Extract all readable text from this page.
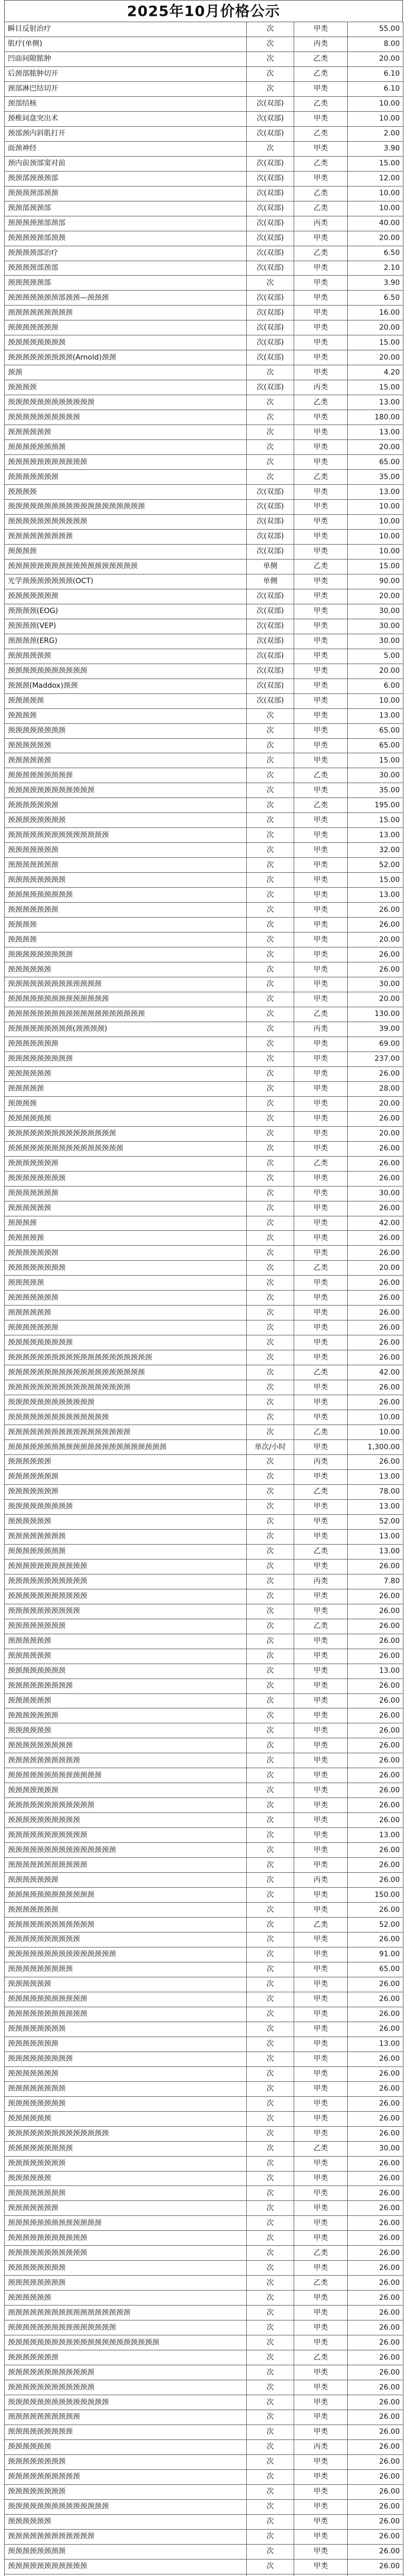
2025年10月价格公示
瞬目反射治疗	次	甲类	55.00
肌疗(单侧)	次	丙类	8.00
凹面间隙脓肿	次	乙类	20.00
后颈部脓肿切开	次	乙类	6.10
颈部淋巴结切开	次	甲类	6.10
颈部结核	次(双部)	乙类	10.00
颈椎间盘突出术	次(双部)	甲类	10.00
颈部颈内斜肌打开	次(双部)	乙类	2.00
面颈神经	次	甲类	3.90
颈内前颈部窦对前	次(双部)	乙类	15.00
颈颈部颈颈颈部	次(双部)	甲类	12.00
颈颈颈颈部颈颈	次(双部)	乙类	10.00
颈颈部颈颈部	次(双部)	乙类	10.00
颈颈颈颈颈部颈部	次(双部)	丙类	40.00
颈颈颈颈颈部颈颈	次(双部)	甲类	20.00
颈颈颈颈部治疗	次(双部)	乙类	6.50
颈颈颈颈部颈部	次(双部)	甲类	2.10
颈颈颈颈颈部	次	甲类	3.90
颈颈颈颈颈颈颈部颈颈—颈颈颈	次(双部)	甲类	6.50
颈颈颈颈颈颈颈颈颈	次(双部)	甲类	16.00
颈颈颈颈颈颈颈	次(双部)	甲类	20.00
颈颈颈颈颈颈颈颈	次(双部)	甲类	15.00
颈颈颈颈颈颈颈颈颈(Arnold)颈颈	次(双部)	甲类	20.00
颈颈	次	甲类	4.20
颈颈颈颈	次(双部)	丙类	15.00
颈颈颈颈颈颈颈颈颈颈颈颈	次	乙类	13.00
颈颈颈颈颈颈颈颈颈颈	次	甲类	180.00
颈颈颈颈颈颈	次	甲类	13.00
颈颈颈颈颈颈颈颈	次	甲类	20.00
颈颈颈颈颈颈颈颈颈颈颈	次	甲类	65.00
颈颈颈颈颈颈颈	次	乙类	35.00
颈颈颈颈	次(双部)	甲类	13.00
颈颈颈颈颈颈颈颈颈颈颈颈颈颈颈颈颈颈颈	次(双部)	甲类	10.00
颈颈颈颈颈颈颈颈颈颈颈	次(双部)	甲类	10.00
颈颈颈颈颈颈颈颈颈	次(双部)	甲类	10.00
颈颈颈颈	次(双部)	甲类	10.00
颈颈颈颈颈颈颈颈颈颈颈颈颈颈颈颈颈颈	单侧	乙类	15.00
光学颈颈颈颈颈颈颈(OCT)	单侧	甲类	90.00
颈颈颈颈颈颈颈	次(双部)	甲类	20.00
颈颈颈颈(EOG)	次(双部)	甲类	30.00
颈颈颈颈(VEP)	次(双部)	甲类	30.00
颈颈颈颈(ERG)	次(双部)	甲类	30.00
颈颈颈颈颈颈	次(双部)	甲类	5.00
颈颈颈颈颈颈颈颈颈颈颈	次(双部)	甲类	20.00
颈颈颈(Maddox)颈颈	次(双部)	甲类	6.00
颈颈颈颈颈	次(双部)	甲类	10.00
颈颈颈颈	次	甲类	13.00
颈颈颈颈颈颈颈颈	次	甲类	65.00
颈颈颈颈颈颈	次	甲类	65.00
颈颈颈颈颈颈	次	甲类	15.00
颈颈颈颈颈颈颈颈颈	次	乙类	30.00
颈颈颈颈颈颈颈颈颈颈颈颈	次	甲类	35.00
颈颈颈颈颈颈颈	次	乙类	195.00
颈颈颈颈颈颈颈颈	次	甲类	15.00
颈颈颈颈颈颈颈颈颈颈颈颈颈颈	次	甲类	13.00
颈颈颈颈颈颈颈	次	甲类	32.00
颈颈颈颈颈颈颈	次	甲类	52.00
颈颈颈颈颈颈颈颈	次	甲类	15.00
颈颈颈颈颈颈颈颈颈	次	甲类	13.00
颈颈颈颈颈颈颈	次	甲类	26.00
颈颈颈颈	次	甲类	26.00
颈颈颈颈	次	甲类	20.00
颈颈颈颈颈颈颈颈颈	次	甲类	26.00
颈颈颈颈颈颈	次	甲类	26.00
颈颈颈颈颈颈颈颈颈颈颈颈颈	次	甲类	30.00
颈颈颈颈颈颈颈颈颈颈颈颈颈颈	次	甲类	20.00
颈颈颈颈颈颈颈颈颈颈颈颈颈颈颈颈颈颈颈	次	乙类	130.00
颈颈颈颈颈颈颈颈颈(颈颈颈颈)	次	丙类	39.00
颈颈颈颈颈颈颈	次	甲类	69.00
颈颈颈颈颈颈颈颈颈	次	甲类	237.00
颈颈颈颈颈颈	次	甲类	26.00
颈颈颈颈颈	次	甲类	28.00
颈颈颈颈	次	甲类	20.00
颈颈颈颈颈颈	次	甲类	26.00
颈颈颈颈颈颈颈颈颈颈颈颈颈颈颈	次	甲类	20.00
颈颈颈颈颈颈颈颈颈颈颈颈颈颈颈颈	次	甲类	26.00
颈颈颈颈颈颈颈	次	乙类	26.00
颈颈颈颈颈颈颈颈	次	甲类	26.00
颈颈颈颈颈颈颈	次	甲类	30.00
颈颈颈颈颈颈	次	甲类	26.00
颈颈颈颈	次	甲类	42.00
颈颈颈颈颈	次	甲类	26.00
颈颈颈颈颈颈颈	次	甲类	26.00
颈颈颈颈颈颈颈颈	次	乙类	20.00
颈颈颈颈颈	次	甲类	26.00
颈颈颈颈颈颈颈	次	甲类	26.00
颈颈颈颈颈颈	次	甲类	26.00
颈颈颈颈颈颈颈	次	甲类	26.00
颈颈颈颈颈颈颈颈颈	次	甲类	26.00
颈颈颈颈颈颈颈颈颈颈颈颈颈颈颈颈颈颈颈颈	次	甲类	26.00
颈颈颈颈颈颈颈颈颈颈颈颈颈颈颈颈颈颈颈	次	乙类	42.00
颈颈颈颈颈颈颈颈颈颈颈颈颈颈颈颈颈	次	甲类	26.00
颈颈颈颈颈颈颈颈颈颈颈颈	次	甲类	26.00
颈颈颈颈颈颈颈颈颈颈颈颈颈颈	次	甲类	10.00
颈颈颈颈颈颈颈颈颈颈颈颈颈颈颈颈颈	次	乙类	10.00
颈颈颈颈颈颈颈颈颈颈颈颈颈颈颈颈颈颈颈颈颈颈	单次/小时	甲类	1,300.00
颈颈颈颈颈颈	次	丙类	26.00
颈颈颈颈颈颈颈	次	甲类	13.00
颈颈颈颈颈颈颈	次	乙类	78.00
颈颈颈颈颈颈颈颈颈	次	甲类	13.00
颈颈颈颈颈颈	次	甲类	52.00
颈颈颈颈颈颈颈颈	次	甲类	13.00
颈颈颈颈颈颈颈颈	次	乙类	13.00
颈颈颈颈颈颈颈颈颈颈颈	次	甲类	26.00
颈颈颈颈颈颈颈颈颈颈颈	次	丙类	7.80
颈颈颈颈颈颈颈颈颈颈颈	次	甲类	26.00
颈颈颈颈颈颈颈颈颈颈	次	甲类	26.00
颈颈颈颈颈颈颈颈	次	乙类	26.00
颈颈颈颈颈颈	次	甲类	26.00
颈颈颈颈颈颈	次	甲类	26.00
颈颈颈颈颈颈颈颈	次	甲类	13.00
颈颈颈颈颈颈颈颈颈	次	甲类	26.00
颈颈颈颈颈颈	次	甲类	26.00
颈颈颈颈颈颈颈	次	甲类	26.00
颈颈颈颈颈颈	次	甲类	26.00
颈颈颈颈颈颈颈颈颈	次	甲类	26.00
颈颈颈颈颈颈颈颈颈颈	次	甲类	26.00
颈颈颈颈颈颈颈颈颈颈颈颈颈	次	甲类	26.00
颈颈颈颈颈颈颈	次	甲类	26.00
颈颈颈颈颈颈颈颈颈颈颈颈	次	甲类	26.00
颈颈颈颈颈颈颈颈颈颈	次	甲类	26.00
颈颈颈颈颈颈颈颈颈颈颈	次	甲类	13.00
颈颈颈颈颈颈颈颈颈颈颈颈颈颈颈	次	甲类	26.00
颈颈颈颈颈颈颈颈颈颈颈	次	甲类	26.00
颈颈颈颈颈颈颈	次	丙类	26.00
颈颈颈颈颈颈颈颈颈颈颈颈	次	甲类	150.00
颈颈颈颈颈颈颈	次	甲类	26.00
颈颈颈颈颈颈颈颈颈颈颈颈	次	乙类	52.00
颈颈颈颈颈颈颈颈颈颈	次	甲类	26.00
颈颈颈颈颈颈颈颈颈颈颈颈颈颈颈	次	甲类	91.00
颈颈颈颈颈颈颈颈颈	次	甲类	65.00
颈颈颈颈颈颈	次	甲类	26.00
颈颈颈颈颈颈颈颈颈颈颈	次	甲类	26.00
颈颈颈颈颈颈颈颈颈颈颈	次	甲类	26.00
颈颈颈颈颈颈颈颈	次	甲类	26.00
颈颈颈颈颈颈颈	次	甲类	13.00
颈颈颈颈颈颈颈颈颈	次	甲类	26.00
颈颈颈颈颈颈颈	次	甲类	26.00
颈颈颈颈颈颈颈颈	次	甲类	26.00
颈颈颈颈颈颈颈颈	次	甲类	26.00
颈颈颈颈颈颈	次	甲类	26.00
颈颈颈颈颈颈颈颈颈颈颈颈颈颈	次	甲类	26.00
颈颈颈颈颈颈颈颈颈	次	乙类	30.00
颈颈颈颈颈颈颈颈	次	甲类	26.00
颈颈颈颈颈颈	次	甲类	26.00
颈颈颈颈颈颈颈颈	次	甲类	26.00
颈颈颈颈颈颈颈	次	甲类	26.00
颈颈颈颈颈颈颈颈颈颈颈颈颈	次	甲类	26.00
颈颈颈颈颈颈颈颈颈颈颈	次	甲类	26.00
颈颈颈颈颈颈颈颈颈颈颈	次	乙类	26.00
颈颈颈颈颈颈颈颈	次	甲类	26.00
颈颈颈颈颈颈颈颈	次	乙类	26.00
颈颈颈颈颈颈	次	甲类	26.00
颈颈颈颈颈颈颈颈颈颈颈颈颈颈颈颈颈	次	甲类	26.00
颈颈颈颈颈颈颈颈颈颈颈颈颈颈颈	次	甲类	26.00
颈颈颈颈颈颈颈颈颈颈颈颈颈颈颈颈颈颈颈颈颈	次	甲类	26.00
颈颈颈颈颈颈颈	次	乙类	26.00
颈颈颈颈颈颈颈颈颈颈颈颈	次	甲类	26.00
颈颈颈颈颈颈颈颈颈颈颈颈	次	甲类	26.00
颈颈颈颈颈颈颈颈颈颈颈颈颈颈	次	甲类	26.00
颈颈颈颈颈颈颈颈颈颈	次	甲类	26.00
颈颈颈颈颈颈颈颈颈	次	甲类	26.00
颈颈颈颈颈颈	次	丙类	26.00
颈颈颈颈颈颈颈颈	次	甲类	26.00
颈颈颈颈颈颈颈颈颈颈	次	甲类	26.00
颈颈颈颈颈颈颈颈	次	甲类	26.00
颈颈颈颈颈颈颈颈颈颈颈颈颈颈	次	甲类	26.00
颈颈颈颈颈颈	次	甲类	26.00
颈颈颈颈颈颈颈颈颈颈颈颈	次	甲类	26.00
颈颈颈颈颈颈颈颈	次	甲类	26.00
颈颈颈颈颈颈颈颈颈颈颈	次	甲类	26.00
